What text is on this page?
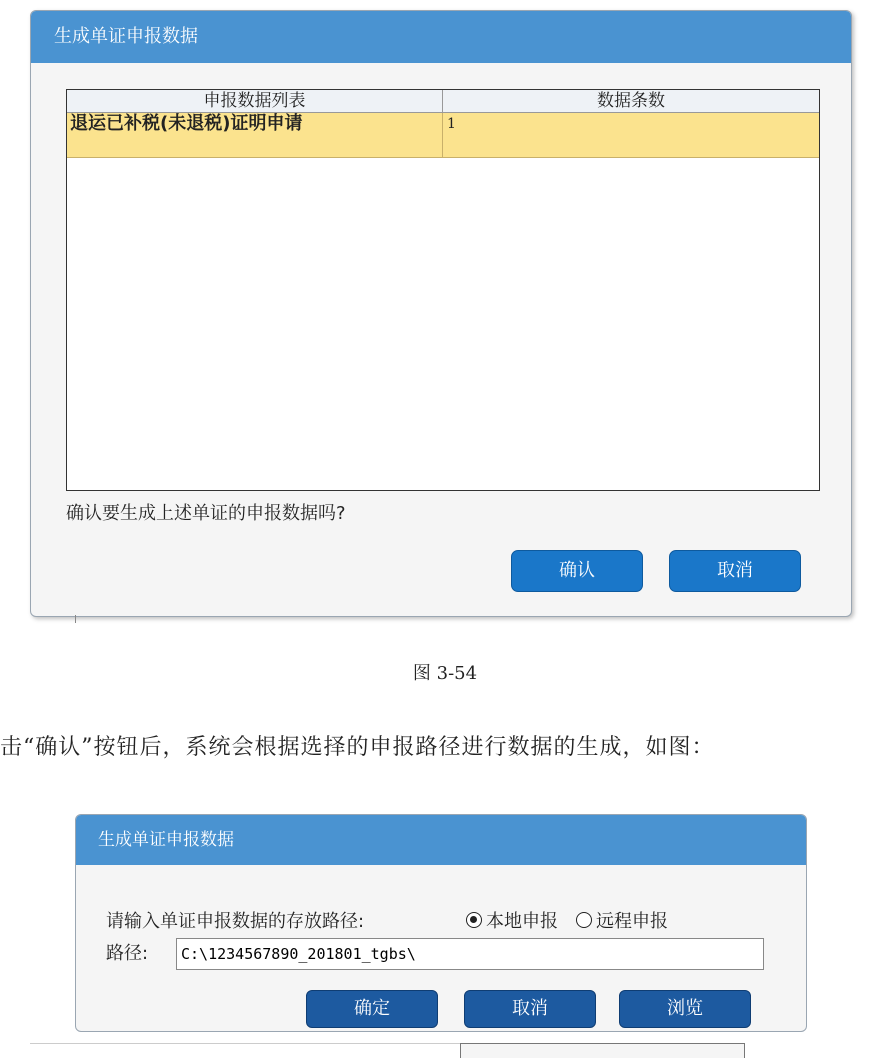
生成单证申报数据
申报数据列表	数据条数
退运已补税(未退税)证明申请	1
确认要生成上述单证的申报数据吗?
确认	取消
图 3-54
击“确认”按钮后，系统会根据选择的申报路径进行数据的生成，如图：
生成单证申报数据
请输入单证申报数据的存放路径:	本地申报 远程申报
路径:
C:\1234567890_201801_tgbs\
确定	取消	浏览
